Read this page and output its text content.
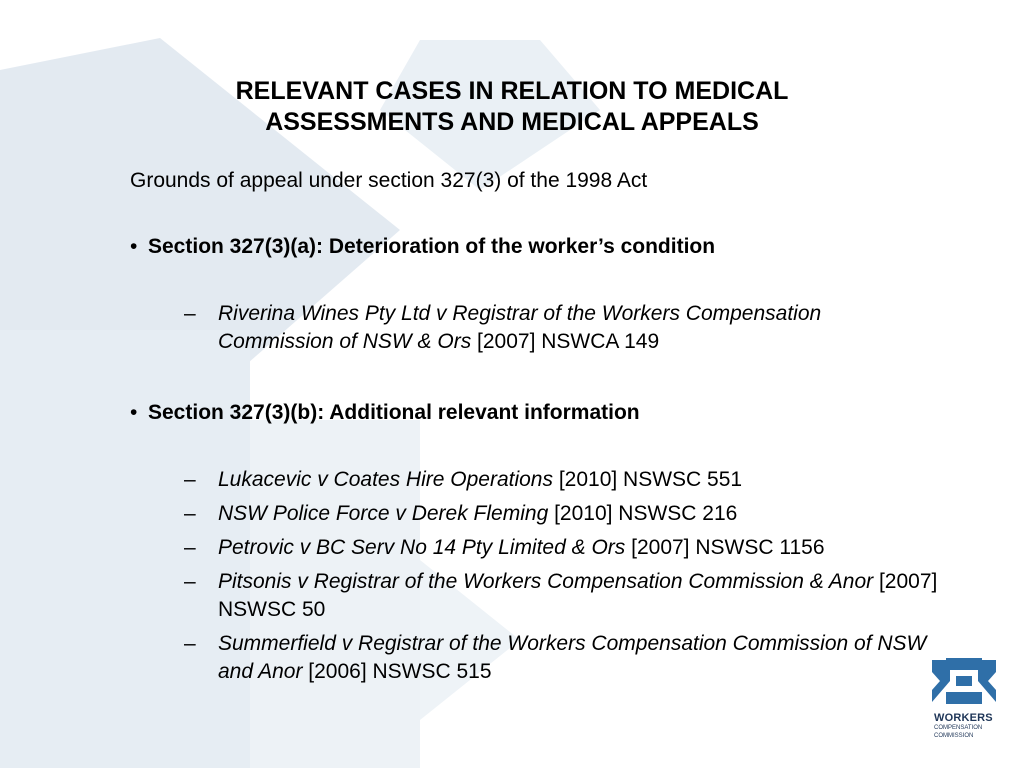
RELEVANT CASES IN RELATION TO MEDICAL
ASSESSMENTS AND MEDICAL APPEALS

Grounds of appeal under section 327(3) of the 1998 Act

• Section 327(3)(a): Deterioration of the worker’s condition

– Riverina Wines Pty Ltd v Registrar of the Workers Compensation Commission of NSW & Ors [2007] NSWCA 149

• Section 327(3)(b): Additional relevant information

– Lukacevic v Coates Hire Operations [2010] NSWSC 551
– NSW Police Force v Derek Fleming [2010] NSWSC 216
– Petrovic v BC Serv No 14 Pty Limited & Ors [2007] NSWSC 1156
– Pitsonis v Registrar of the Workers Compensation Commission & Anor [2007] NSWSC 50
– Summerfield v Registrar of the Workers Compensation Commission of NSW and Anor [2006] NSWSC 515
WORKERS
COMPENSATION
COMMISSION
